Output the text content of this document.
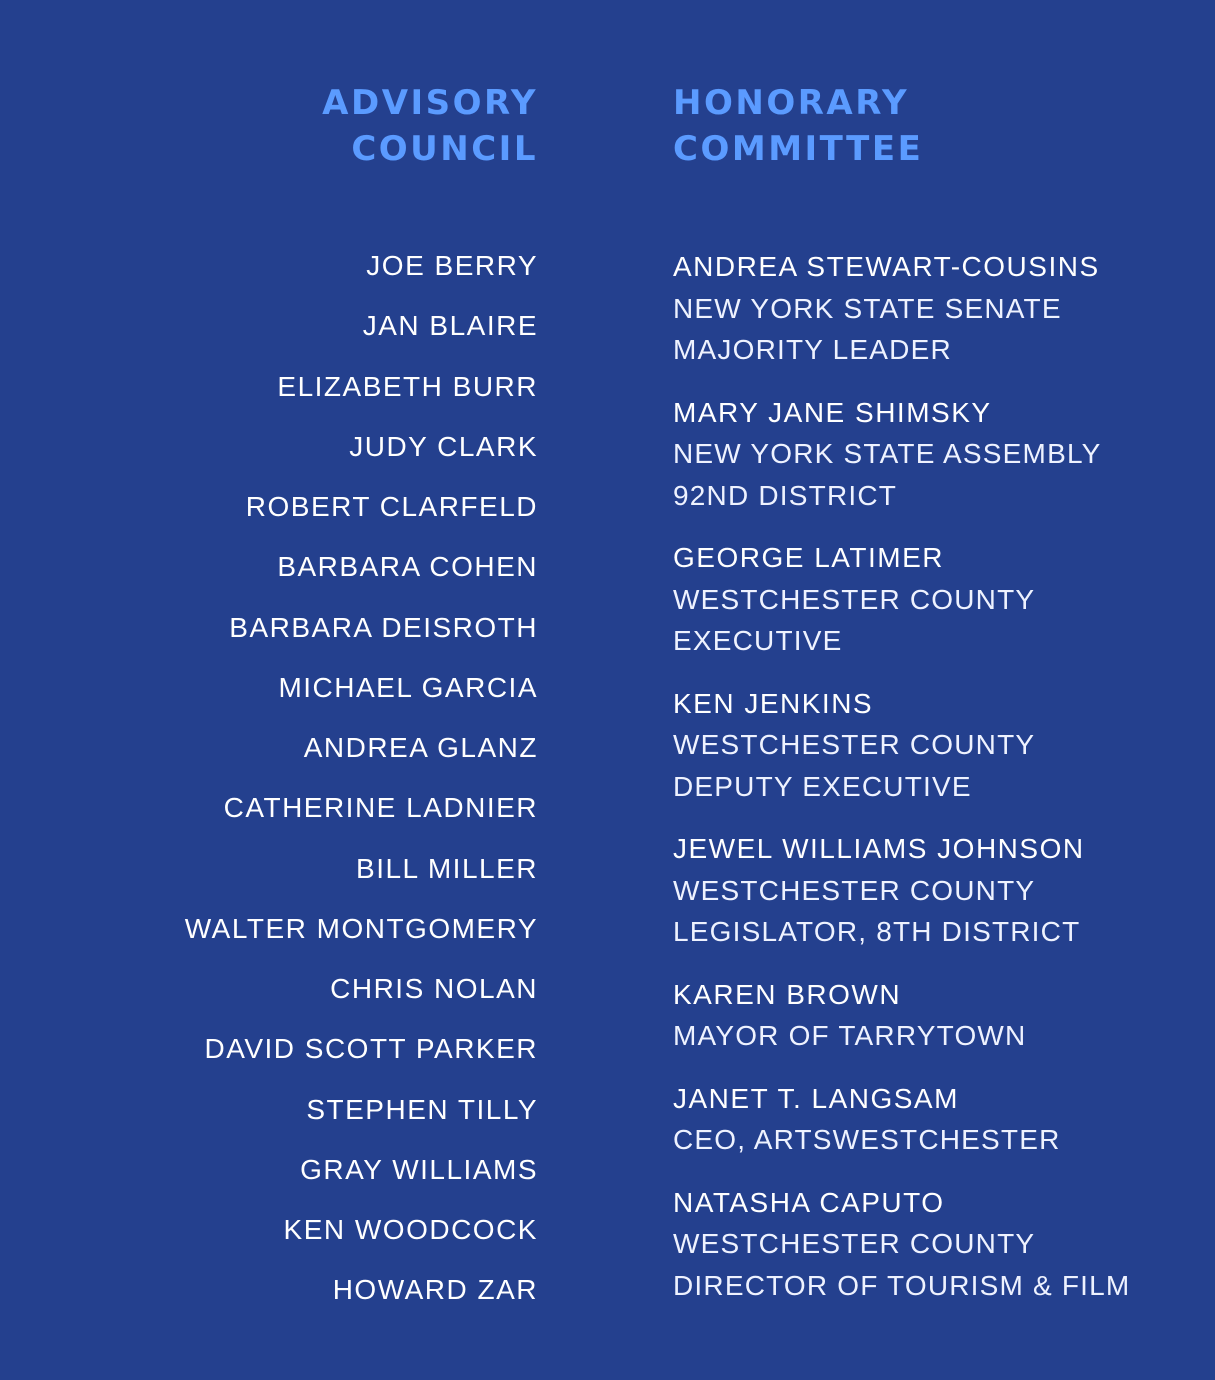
ADVISORY
COUNCIL
HONORARY
COMMITTEE
JOE BERRY
JAN BLAIRE
ELIZABETH BURR
JUDY CLARK
ROBERT CLARFELD
BARBARA COHEN
BARBARA DEISROTH
MICHAEL GARCIA
ANDREA GLANZ
CATHERINE LADNIER
BILL MILLER
WALTER MONTGOMERY
CHRIS NOLAN
DAVID SCOTT PARKER
STEPHEN TILLY
GRAY WILLIAMS
KEN WOODCOCK
HOWARD ZAR
ANDREA STEWART-COUSINS
NEW YORK STATE SENATE
MAJORITY LEADER
MARY JANE SHIMSKY
NEW YORK STATE ASSEMBLY
92ND DISTRICT
GEORGE LATIMER
WESTCHESTER COUNTY
EXECUTIVE
KEN JENKINS
WESTCHESTER COUNTY
DEPUTY EXECUTIVE
JEWEL WILLIAMS JOHNSON
WESTCHESTER COUNTY
LEGISLATOR, 8TH DISTRICT
KAREN BROWN
MAYOR OF TARRYTOWN
JANET T. LANGSAM
CEO, ARTSWESTCHESTER
NATASHA CAPUTO
WESTCHESTER COUNTY
DIRECTOR OF TOURISM & FILM
